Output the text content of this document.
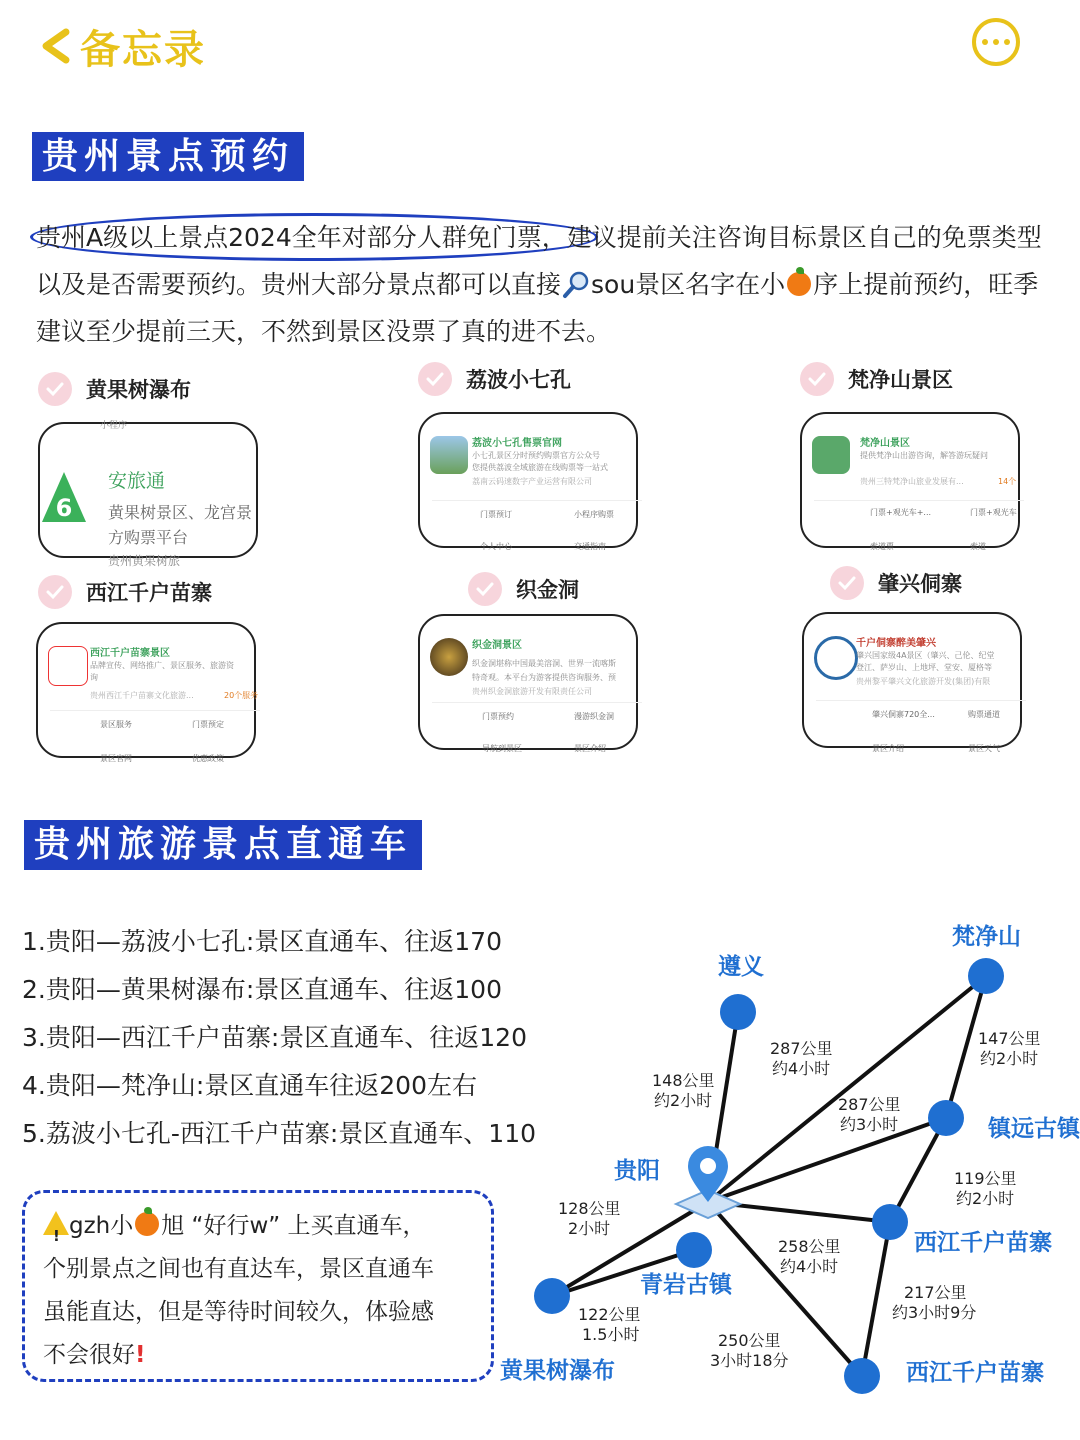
备忘录
贵州景点预约
贵州A级以上景点2024全年对部分人群免门票，建议提前关注咨询目标景区自己的免票类型以及是否需要预约。贵州大部分景点都可以直接 sou景区名字在小 序上提前预约，旺季建议至少提前三天，不然到景区没票了真的进不去。
黄果树瀑布
小程序
6
安旅通
黄果树景区、龙宫景
方购票平台
贵州黄果树旅
荔波小七孔
荔波小七孔售票官网
小七孔景区分时预约购票官方公众号
您提供荔波全域旅游在线购票等一站式
荔南云码速数字产业运营有限公司
门票预订	小程序购票
个人中心	交通指南
梵净山景区
梵净山景区
提供梵净山出游咨询，解答游玩疑问
贵州三特梵净山旅业发展有...	14个
门票+观光车+...	门票+观光车
索道票	索道
西江千户苗寨
西江千户苗寨景区
品牌宣传、网络推广、景区服务、旅游资
询
贵州西江千户苗寨文化旅游...	20个服务
景区服务	门票预定
景区官网	优惠政策
织金洞
织金洞景区
织金洞堪称中国最美溶洞、世界一流喀斯
特奇观。本平台为游客提供咨询服务、预
贵州织金洞旅游开发有限责任公司
门票预约	漫游织金洞
导航到景区	景区介绍
肇兴侗寨
千户侗寨醉美肇兴
肇兴国家级4A景区（肇兴、己伦、纪堂
登江、萨岁山、上地坪、堂安、厦格等
贵州黎平肇兴文化旅游开发(集团)有限
肇兴侗寨720全...	购票通道
景区介绍	景区天气
贵州旅游景点直通车
1.贵阳—荔波小七孔:景区直通车、往返170
2.贵阳—黄果树瀑布:景区直通车、往返100
3.贵阳—西江千户苗寨:景区直通车、往返120
4.贵阳—梵净山:景区直通车往返200左右
5.荔波小七孔-西江千户苗寨:景区直通车、110
!gzh小 旭 “好行w” 上买直通车，
个别景点之间也有直达车，景区直通车
虽能直达，但是等待时间较久，体验感
不会很好!
遵义
梵净山
镇远古镇
贵阳
西江千户苗寨
青岩古镇
黄果树瀑布	西江千户苗寨
148公里
约2小时
287公里
约4小时
287公里
约3小时
147公里
约2小时
119公里
约2小时
128公里
2小时
258公里
约4小时
122公里
1.5小时	250公里
3小时18分
217公里
约3小时9分
